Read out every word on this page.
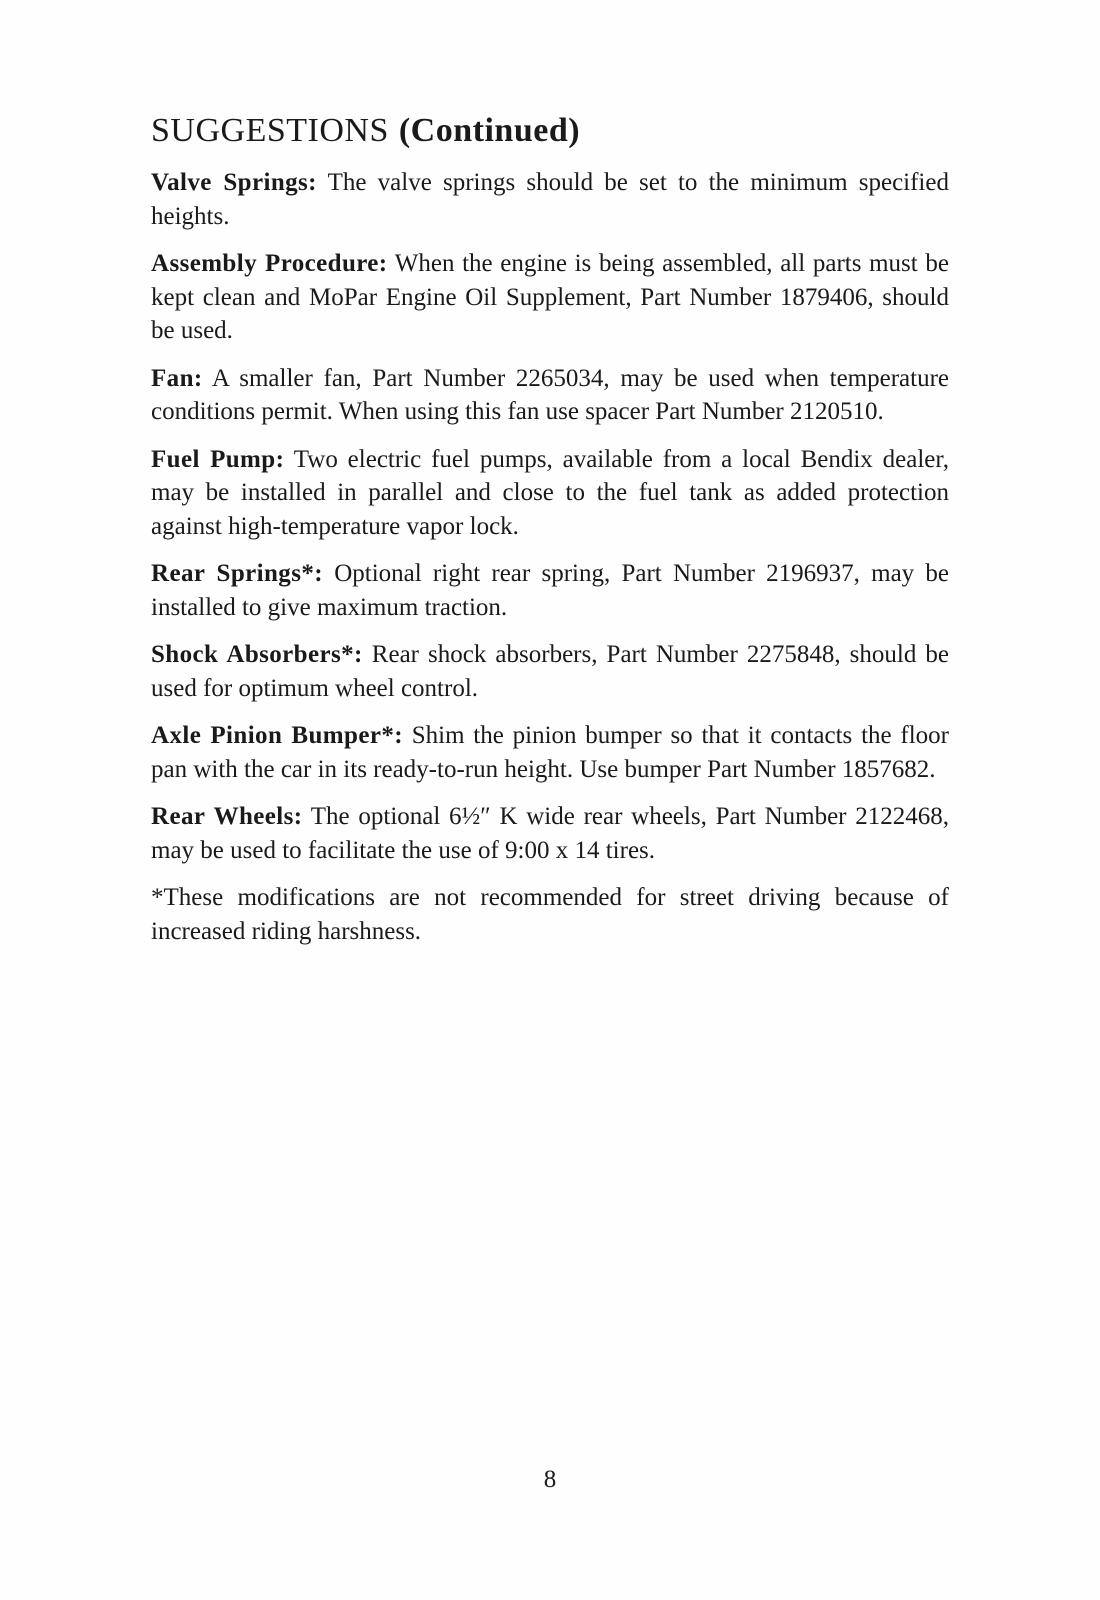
SUGGESTIONS (Continued)

Valve Springs: The valve springs should be set to the minimum specified heights.

Assembly Procedure: When the engine is being assembled, all parts must be kept clean and MoPar Engine Oil Supplement, Part Number 1879406, should be used.

Fan: A smaller fan, Part Number 2265034, may be used when temperature conditions permit. When using this fan use spacer Part Number 2120510.

Fuel Pump: Two electric fuel pumps, available from a local Bendix dealer, may be installed in parallel and close to the fuel tank as added protection against high-temperature vapor lock.

Rear Springs*: Optional right rear spring, Part Number 2196937, may be installed to give maximum traction.

Shock Absorbers*: Rear shock absorbers, Part Number 2275848, should be used for optimum wheel control.

Axle Pinion Bumper*: Shim the pinion bumper so that it contacts the floor pan with the car in its ready-to-run height. Use bumper Part Number 1857682.

Rear Wheels: The optional 6½″ K wide rear wheels, Part Number 2122468, may be used to facilitate the use of 9:00 x 14 tires.

*These modifications are not recommended for street driving because of increased riding harshness.

8
